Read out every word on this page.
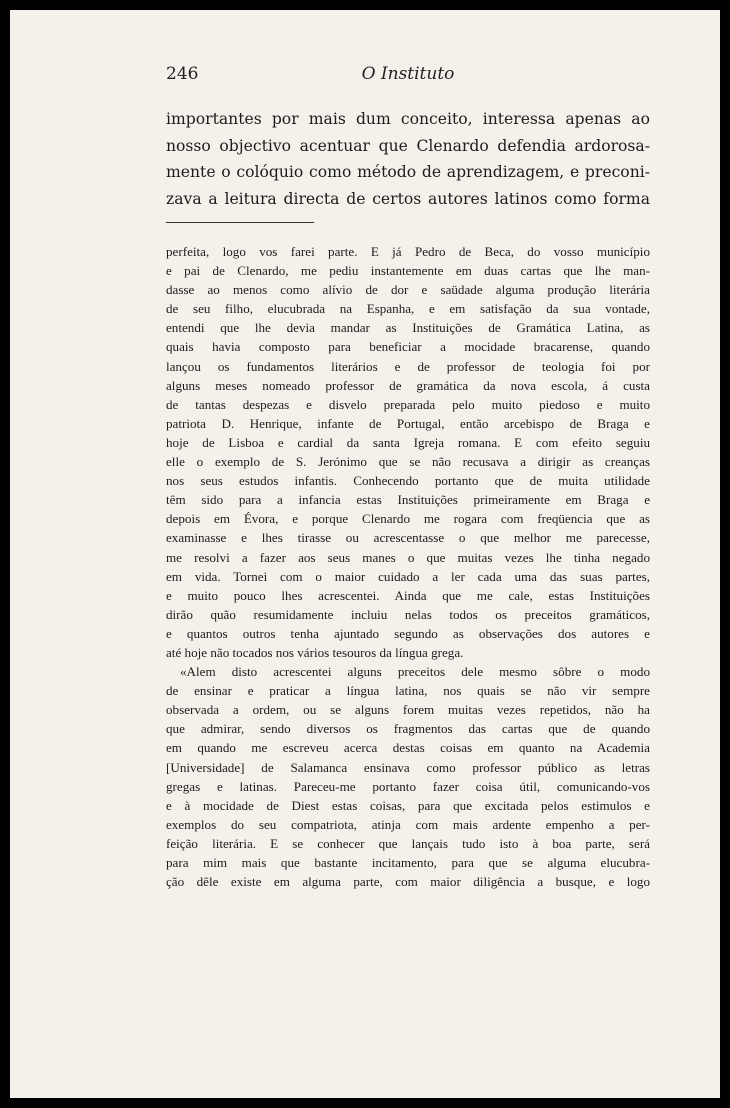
246	O Instituto
importantes por mais dum conceito, interessa apenas ao
nosso objectivo acentuar que Clenardo defendia ardorosa-
mente o colóquio como método de aprendizagem, e preconi-
zava a leitura directa de certos autores latinos como forma
perfeita, logo vos farei parte. E já Pedro de Beca, do vosso município
e pai de Clenardo, me pediu instantemente em duas cartas que lhe man-
dasse ao menos como alívio de dor e saüdade alguma produção literária
de seu filho, elucubrada na Espanha, e em satisfação da sua vontade,
entendi que lhe devia mandar as Instituições de Gramática Latina, as
quais havia composto para beneficiar a mocidade bracarense, quando
lançou os fundamentos literários e de professor de teologia foi por
alguns meses nomeado professor de gramática da nova escola, á custa
de tantas despezas e disvelo preparada pelo muito piedoso e muito
patriota D. Henrique, infante de Portugal, então arcebispo de Braga e
hoje de Lisboa e cardial da santa Igreja romana. E com efeito seguiu
elle o exemplo de S. Jerónimo que se não recusava a dirigir as creanças
nos seus estudos infantis. Conhecendo portanto que de muita utilidade
têm sido para a infancia estas Instituições primeiramente em Braga e
depois em Évora, e porque Clenardo me rogara com freqüencia que as
examinasse e lhes tirasse ou acrescentasse o que melhor me parecesse,
me resolvi a fazer aos seus manes o que muitas vezes lhe tinha negado
em vida. Tornei com o maior cuidado a ler cada uma das suas partes,
e muito pouco lhes acrescentei. Ainda que me cale, estas Instituições
dirão quão resumidamente incluiu nelas todos os preceitos gramáticos,
e quantos outros tenha ajuntado segundo as observações dos autores e
até hoje não tocados nos vários tesouros da língua grega.
«Alem disto acrescentei alguns preceitos dele mesmo sôbre o modo
de ensinar e praticar a língua latina, nos quais se não vir sempre
observada a ordem, ou se alguns forem muitas vezes repetidos, não ha
que admirar, sendo diversos os fragmentos das cartas que de quando
em quando me escreveu acerca destas coisas em quanto na Academia
[Universidade] de Salamanca ensinava como professor público as letras
gregas e latinas. Pareceu-me portanto fazer coisa útil, comunicando-vos
e à mocidade de Diest estas coisas, para que excitada pelos estimulos e
exemplos do seu compatriota, atinja com mais ardente empenho a per-
feição literária. E se conhecer que lançais tudo isto à boa parte, será
para mim mais que bastante incitamento, para que se alguma elucubra-
ção dêle existe em alguma parte, com maior diligência a busque, e logo
